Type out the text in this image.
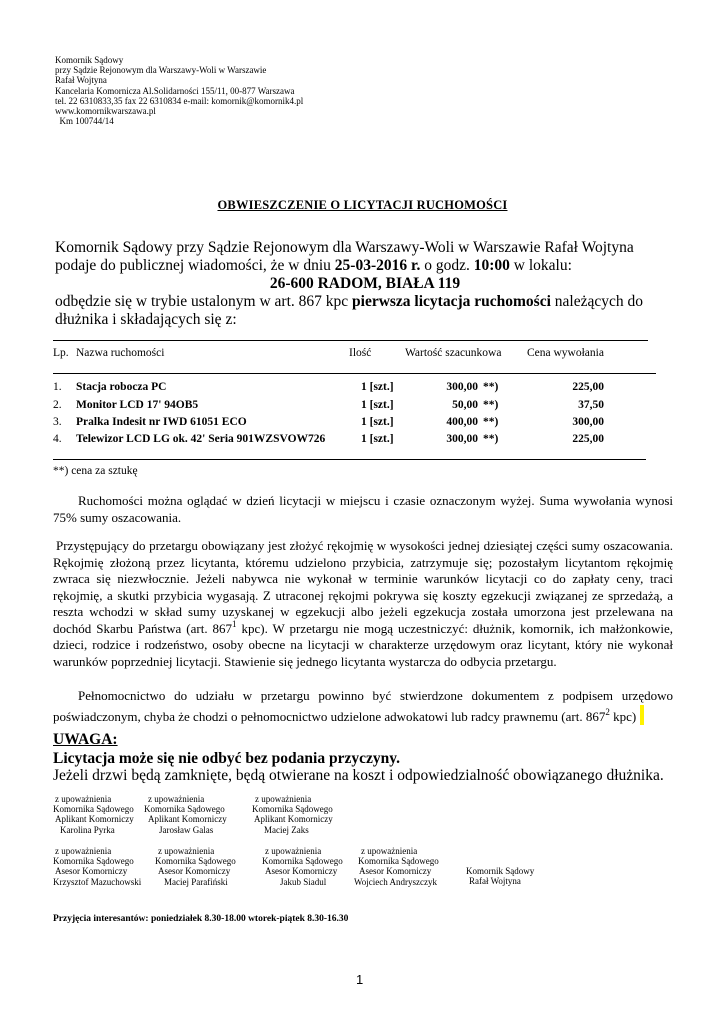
Komornik Sądowy
przy Sądzie Rejonowym dla Warszawy-Woli w Warszawie
Rafał Wojtyna
Kancelaria Komornicza Al.Solidarności 155/11, 00-877 Warszawa
tel. 22 6310833,35 fax 22 6310834 e-mail: komornik@komornik4.pl
www.komornikwarszawa.pl
Km 100744/14
OBWIESZCZENIE O LICYTACJI RUCHOMOŚCI
Komornik Sądowy przy Sądzie Rejonowym dla Warszawy-Woli w Warszawie Rafał Wojtyna podaje do publicznej wiadomości, że w dniu 25-03-2016 r. o godz. 10:00 w lokalu:
26-600 RADOM, BIAŁA 119
odbędzie się w trybie ustalonym w art. 867 kpc pierwsza licytacja ruchomości należących do dłużnika i składających się z:
Lp. Nazwa ruchomości	Ilość	Wartość szacunkowa Cena wywołania
1. Stacja robocza PC	1 [szt.]	300,00 **)	225,00
2. Monitor LCD 17' 94OB5	1 [szt.]	50,00 **)	37,50
3. Pralka Indesit nr IWD 61051 ECO	1 [szt.]	400,00 **)	300,00
4. Telewizor LCD LG ok. 42' Seria 901WZSVOW726	1 [szt.]	300,00 **)	225,00
**) cena za sztukę
Ruchomości można oglądać w dzień licytacji w miejscu i czasie oznaczonym wyżej. Suma wywołania wynosi 75% sumy oszacowania.
Przystępujący do przetargu obowiązany jest złożyć rękojmię w wysokości jednej dziesiątej części sumy oszacowania. Rękojmię złożoną przez licytanta, któremu udzielono przybicia, zatrzymuje się; pozostałym licytantom rękojmię zwraca się niezwłocznie. Jeżeli nabywca nie wykonał w terminie warunków licytacji co do zapłaty ceny, traci rękojmię, a skutki przybicia wygasają. Z utraconej rękojmi pokrywa się koszty egzekucji związanej ze sprzedażą, a reszta wchodzi w skład sumy uzyskanej w egzekucji albo jeżeli egzekucja została umorzona jest przelewana na dochód Skarbu Państwa (art. $867^1$ kpc). W przetargu nie mogą uczestniczyć: dłużnik, komornik, ich małżonkowie, dzieci, rodzice i rodzeństwo, osoby obecne na licytacji w charakterze urzędowym oraz licytant, który nie wykonał warunków poprzedniej licytacji. Stawienie się jednego licytanta wystarcza do odbycia przetargu.
Pełnomocnictwo do udziału w przetargu powinno być stwierdzone dokumentem z podpisem urzędowo poświadczonym, chyba że chodzi o pełnomocnictwo udzielone adwokatowi lub radcy prawnemu (art. $867^2$ kpc)
UWAGA:
Licytacja może się nie odbyć bez podania przyczyny.
Jeżeli drzwi będą zamknięte, będą otwierane na koszt i odpowiedzialność obowiązanego dłużnika.
z upoważnienia
Komornika Sądowego
Aplikant Komorniczy
Karolina Pyrka
z upoważnienia
Komornika Sądowego
Aplikant Komorniczy
Jarosław Galas
z upoważnienia
Komornika Sądowego
Aplikant Komorniczy
Maciej Zaks
z upoważnienia
Komornika Sądowego
Asesor Komorniczy
Krzysztof Mazuchowski
z upoważnienia
Komornika Sądowego
Asesor Komorniczy
Maciej Parafiński
z upoważnienia
Komornika Sądowego
Asesor Komorniczy
Jakub Siadul
z upoważnienia
Komornika Sądowego
Asesor Komorniczy
Wojciech Andryszczyk
Komornik Sądowy
Rafał Wojtyna
Przyjęcia interesantów: poniedziałek 8.30-18.00 wtorek-piątek 8.30-16.30
1
